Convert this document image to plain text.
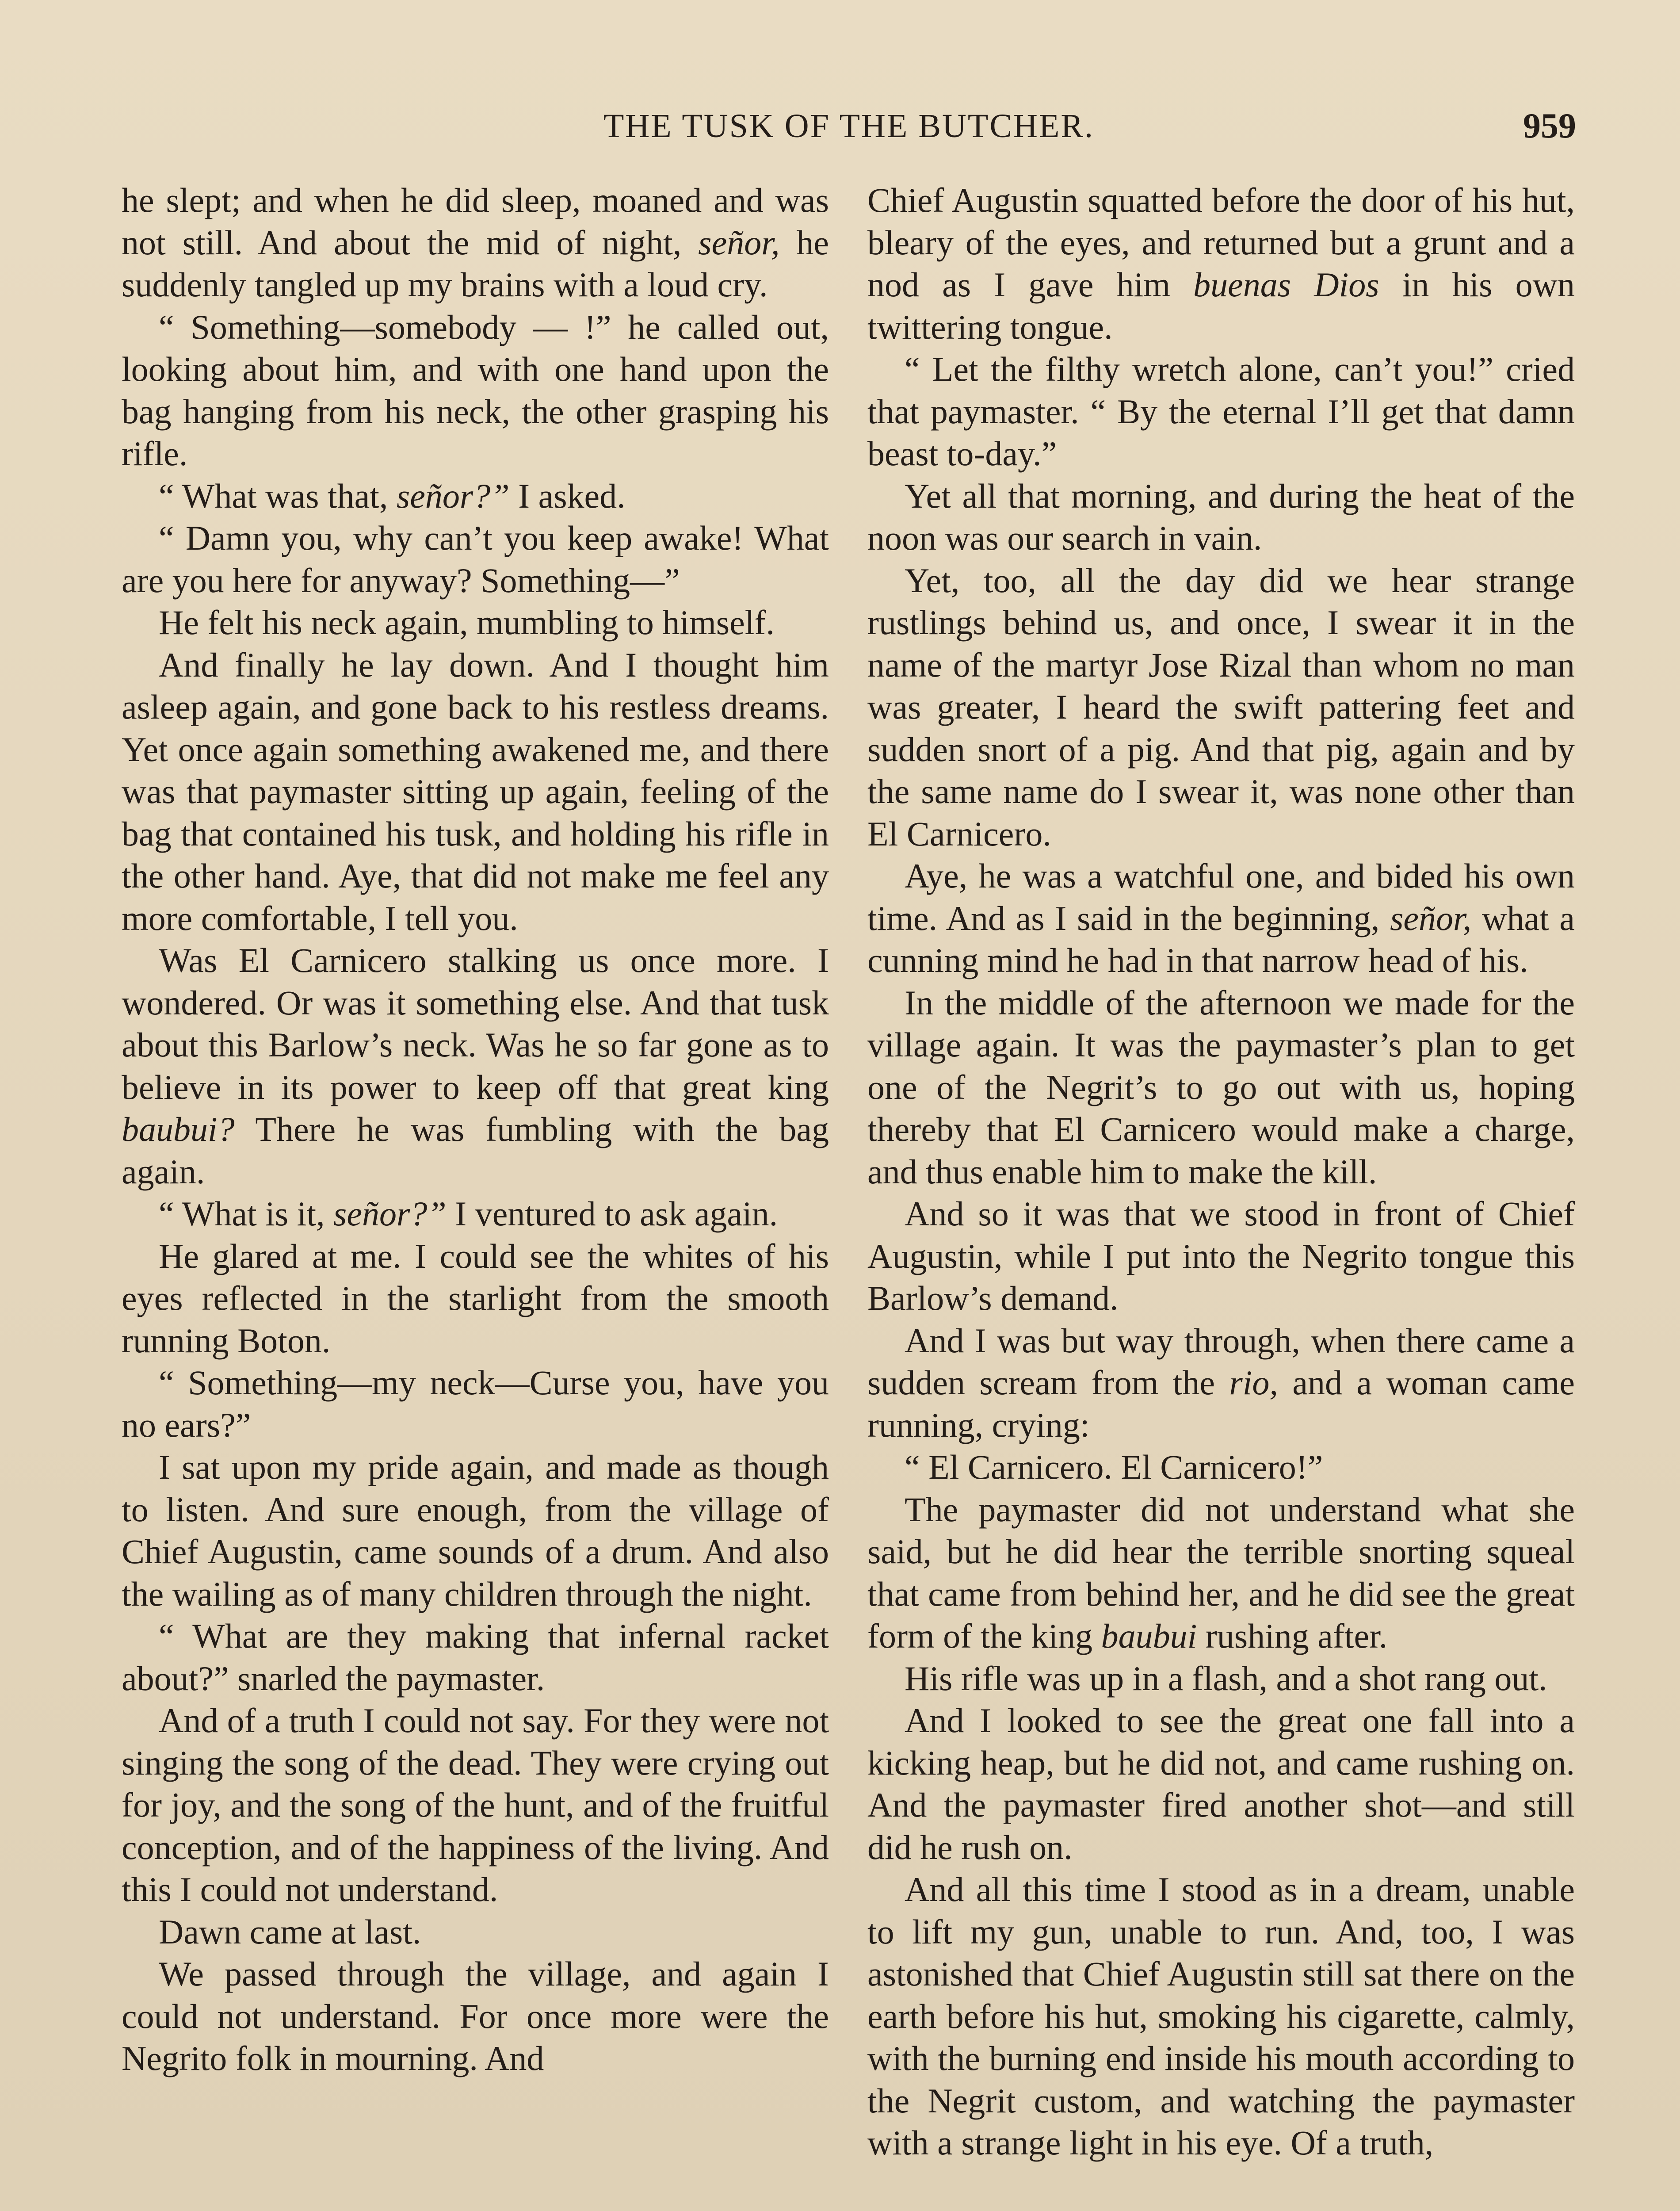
THE TUSK OF THE BUTCHER.	959

he slept; and when he did sleep, moaned and was not still. And about the mid of night, señor, he suddenly tangled up my brains with a loud cry.

“ Something—somebody — !” he called out, looking about him, and with one hand upon the bag hanging from his neck, the other grasping his rifle.

“ What was that, señor?” I asked.

“ Damn you, why can’t you keep awake! What are you here for anyway? Something—”

He felt his neck again, mumbling to himself.

And finally he lay down. And I thought him asleep again, and gone back to his restless dreams. Yet once again something awakened me, and there was that paymaster sitting up again, feeling of the bag that contained his tusk, and holding his rifle in the other hand. Aye, that did not make me feel any more comfortable, I tell you.

Was El Carnicero stalking us once more. I wondered. Or was it something else. And that tusk about this Barlow’s neck. Was he so far gone as to believe in its power to keep off that great king baubui? There he was fumbling with the bag again.

“ What is it, señor?” I ventured to ask again.

He glared at me. I could see the whites of his eyes reflected in the starlight from the smooth running Boton.

“ Something—my neck—Curse you, have you no ears?”

I sat upon my pride again, and made as though to listen. And sure enough, from the village of Chief Augustin, came sounds of a drum. And also the wailing as of many children through the night.

“ What are they making that infernal racket about?” snarled the paymaster.

And of a truth I could not say. For they were not singing the song of the dead. They were crying out for joy, and the song of the hunt, and of the fruitful conception, and of the happiness of the living. And this I could not understand.

Dawn came at last.

We passed through the village, and again I could not understand. For once more were the Negrito folk in mourning. And

Chief Augustin squatted before the door of his hut, bleary of the eyes, and returned but a grunt and a nod as I gave him buenas Dios in his own twittering tongue.

“ Let the filthy wretch alone, can’t you!” cried that paymaster. “ By the eternal I’ll get that damn beast to-day.”

Yet all that morning, and during the heat of the noon was our search in vain.

Yet, too, all the day did we hear strange rustlings behind us, and once, I swear it in the name of the martyr Jose Rizal than whom no man was greater, I heard the swift pattering feet and sudden snort of a pig. And that pig, again and by the same name do I swear it, was none other than El Carnicero.

Aye, he was a watchful one, and bided his own time. And as I said in the beginning, señor, what a cunning mind he had in that narrow head of his.

In the middle of the afternoon we made for the village again. It was the paymaster’s plan to get one of the Negrit’s to go out with us, hoping thereby that El Carnicero would make a charge, and thus enable him to make the kill.

And so it was that we stood in front of Chief Augustin, while I put into the Negrito tongue this Barlow’s demand.

And I was but way through, when there came a sudden scream from the rio, and a woman came running, crying:

“ El Carnicero. El Carnicero!”

The paymaster did not understand what she said, but he did hear the terrible snorting squeal that came from behind her, and he did see the great form of the king baubui rushing after.

His rifle was up in a flash, and a shot rang out.

And I looked to see the great one fall into a kicking heap, but he did not, and came rushing on. And the paymaster fired another shot—and still did he rush on.

And all this time I stood as in a dream, unable to lift my gun, unable to run. And, too, I was astonished that Chief Augustin still sat there on the earth before his hut, smoking his cigarette, calmly, with the burning end inside his mouth according to the Negrit custom, and watching the paymaster with a strange light in his eye. Of a truth,
